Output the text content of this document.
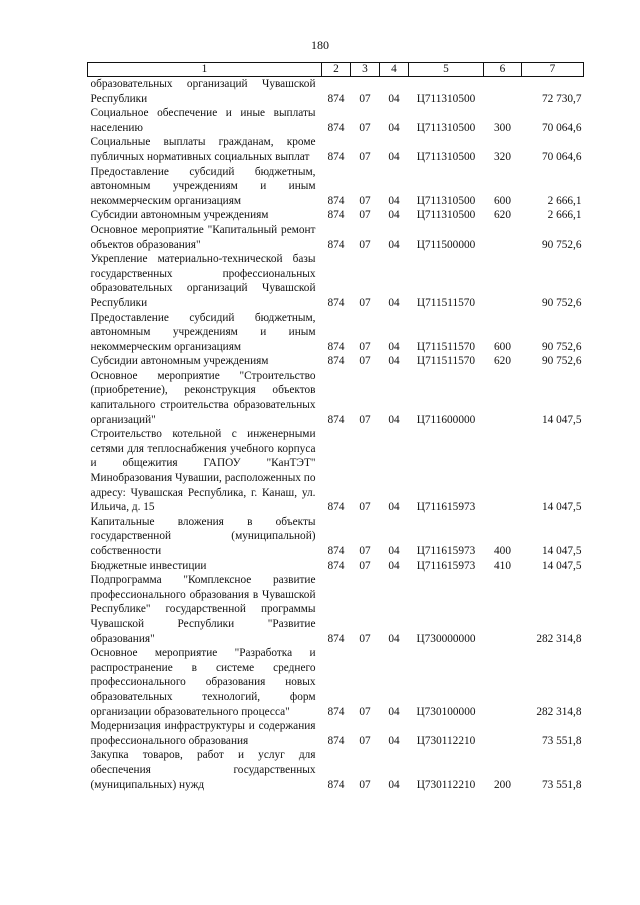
180
1	2	3	4	5	6	7
образовательных организаций Чувашской Республики	874	07	04	Ц711310500		72 730,7
Социальное обеспечение и иные выплаты населению	874	07	04	Ц711310500	300	70 064,6
Социальные выплаты гражданам, кроме публичных нормативных социальных выплат	874	07	04	Ц711310500	320	70 064,6
Предоставление субсидий бюджетным, автономным учреждениям и иным некоммерческим организациям	874	07	04	Ц711310500	600	2 666,1
Субсидии автономным учреждениям	874	07	04	Ц711310500	620	2 666,1
Основное мероприятие "Капитальный ремонт объектов образования"	874	07	04	Ц711500000		90 752,6
Укрепление материально-технической базы государственных профессиональных образовательных организаций Чувашской Республики	874	07	04	Ц711511570		90 752,6
Предоставление субсидий бюджетным, автономным учреждениям и иным некоммерческим организациям	874	07	04	Ц711511570	600	90 752,6
Субсидии автономным учреждениям	874	07	04	Ц711511570	620	90 752,6
Основное мероприятие "Строительство (приобретение), реконструкция объектов капитального строительства образовательных организаций"	874	07	04	Ц711600000		14 047,5
Строительство котельной с инженерными сетями для теплоснабжения учебного корпуса и общежития ГАПОУ "КанТЭТ" Минобразования Чувашии, расположенных по адресу: Чувашская Республика, г. Канаш, ул. Ильича, д. 15	874	07	04	Ц711615973		14 047,5
Капитальные вложения в объекты государственной (муниципальной) собственности	874	07	04	Ц711615973	400	14 047,5
Бюджетные инвестиции	874	07	04	Ц711615973	410	14 047,5
Подпрограмма "Комплексное развитие профессионального образования в Чувашской Республике" государственной программы Чувашской Республики "Развитие образования"	874	07	04	Ц730000000		282 314,8
Основное мероприятие "Разработка и распространение в системе среднего профессионального образования новых образовательных технологий, форм организации образовательного процесса"	874	07	04	Ц730100000		282 314,8
Модернизация инфраструктуры и содержания профессионального образования	874	07	04	Ц730112210		73 551,8
Закупка товаров, работ и услуг для обеспечения государственных (муниципальных) нужд	874	07	04	Ц730112210	200	73 551,8
